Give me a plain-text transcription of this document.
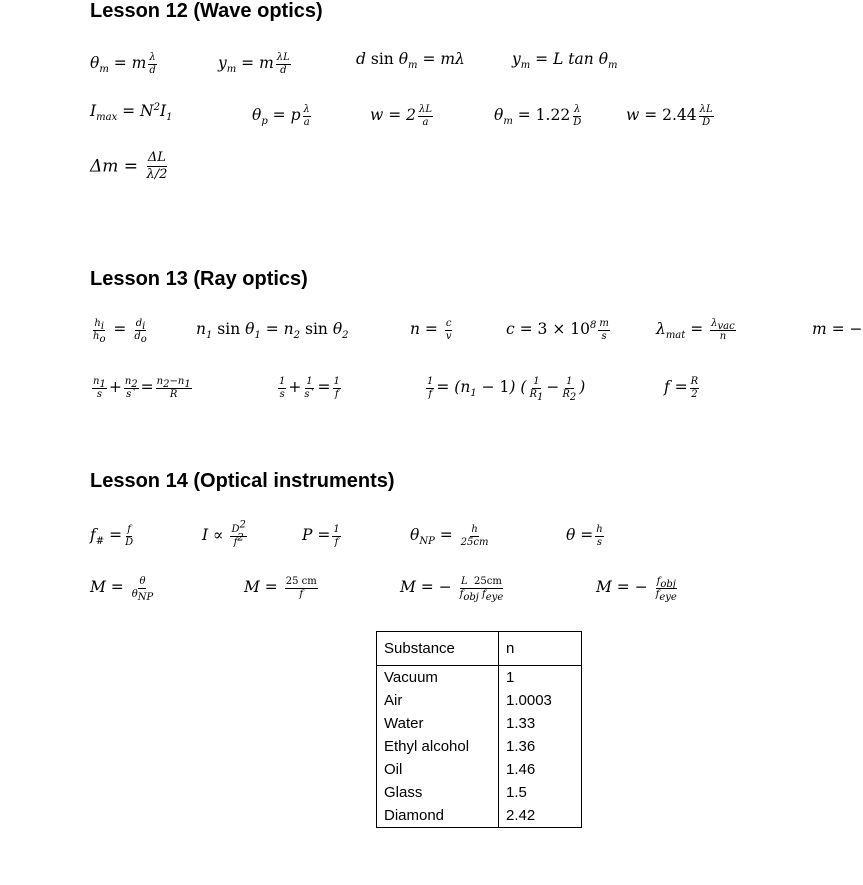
Lesson 12 (Wave optics)
Lesson 13 (Ray optics)
Lesson 14 (Optical instruments)
$\theta_m = m \frac{\lambda}{d}$	$y_m = m \frac{\lambda L}{d}$	d $\sin \theta_m = m\lambda$	$y_m = L$ $\tan \theta_m$
$I_{max} = N^2I_1$	$\theta_p = p \frac{\lambda}{a}$	$w = 2 \frac{\lambda L}{a}$	$\theta_m = 1.22 \frac{\lambda}{D}$	$w = 2.44 \frac{\lambda L}{D}$
$\Delta m = \frac{\Delta L}{\lambda/2}$
$\frac{h_i}{h_o} = \frac{d_i}{d_o}$	$n_1$ $\sin \theta_1 = n_2$ $\sin \theta_2$	$n = \frac{c}{v}$	$c = 3 \times 10^8 \frac{m}{s}$	$\lambda_{mat} = \frac{\lambda_{vac}}{n}$	m = −
$\frac{n_1}{s} + \frac{n_2}{s`} = \frac{n_2-n_1}{R}$	$\frac{1}{s} + \frac{1}{s`} = \frac{1}{f}$	$\frac{1}{f} = (n_1 - 1)$ ( $\frac{1}{R_1} - \frac{1}{R_2}$ )	$f = \frac{R}{2}$
$f_{\#} = \frac{f}{D}$	$I \propto \frac{D^2}{f^2}$	$P = \frac{1}{f}$	$\theta_{NP} = \frac{h}{25cm}$	$\theta = \frac{h}{s}$
$M = \frac{\theta}{\theta_{NP}}$	$M = \frac{25 cm}{f}$	M = − $\frac{L 25cm}{f_{obj} f_{eye}}$	M = − $\frac{f_{obj}}{f_{eye}}$
Substance	n
Vacuum	1
Air	1.0003
Water	1.33
Ethyl alcohol	1.36
Oil	1.46
Glass	1.5
Diamond	2.42
